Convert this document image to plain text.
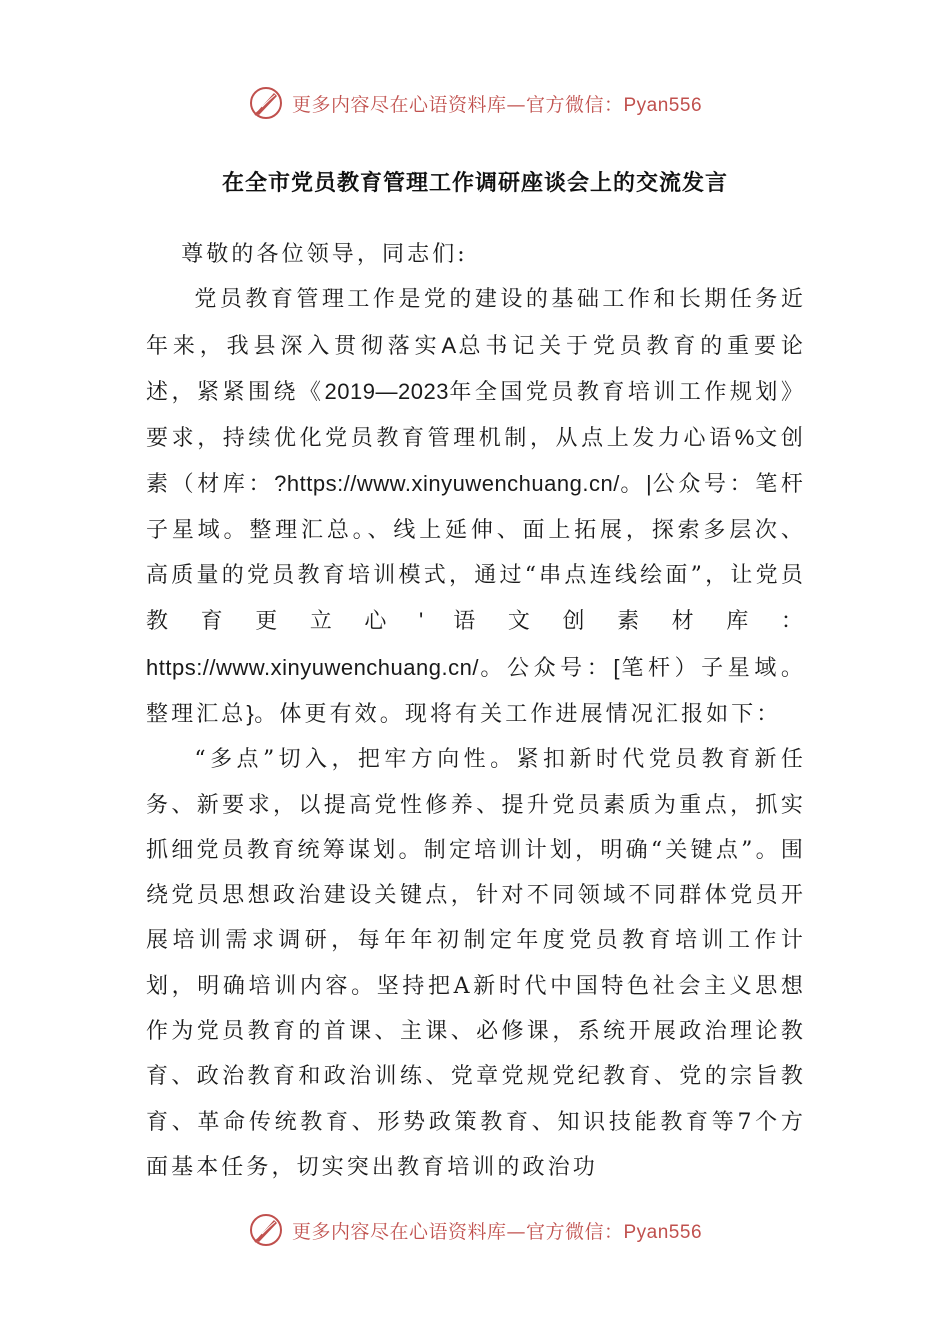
更多内容尽在心语资料库—官方微信：Pyan556
在全市党员教育管理工作调研座谈会上的交流发言

尊敬的各位领导，同志们:

党员教育管理工作是党的建设的基础工作和长期任务近年来，我县深入贯彻落实A总书记关于党员教育的重要论述，紧紧围绕《2019—2023年全国党员教育培训工作规划》要求，持续优化党员教育管理机制，从点上发力心语%文创素（材库：?https://www.xinyuwenchuang.cn/。|公众号：笔杆子星域。整理汇总。、线上延伸、面上拓展，探索多层次、高质量的党员教育培训模式，通过“串点连线绘面”，让党员教育更立心'语文创素材库：https://www.xinyuwenchuang.cn/。公众号：[笔杆）子星域。整理汇总}。体更有效。现将有关工作进展情况汇报如下：

“多点”切入，把牢方向性。紧扣新时代党员教育新任务、新要求，以提高党性修养、提升党员素质为重点，抓实抓细党员教育统筹谋划。制定培训计划，明确“关键点”。围绕党员思想政治建设关键点，针对不同领域不同群体党员开展培训需求调研，每年年初制定年度党员教育培训工作计划，明确培训内容。坚持把A新时代中国特色社会主义思想作为党员教育的首课、主课、必修课，系统开展政治理论教育、政治教育和政治训练、党章党规党纪教育、党的宗旨教育、革命传统教育、形势政策教育、知识技能教育等7个方面基本任务，切实突出教育培训的政治功

更多内容尽在心语资料库—官方微信：Pyan556
